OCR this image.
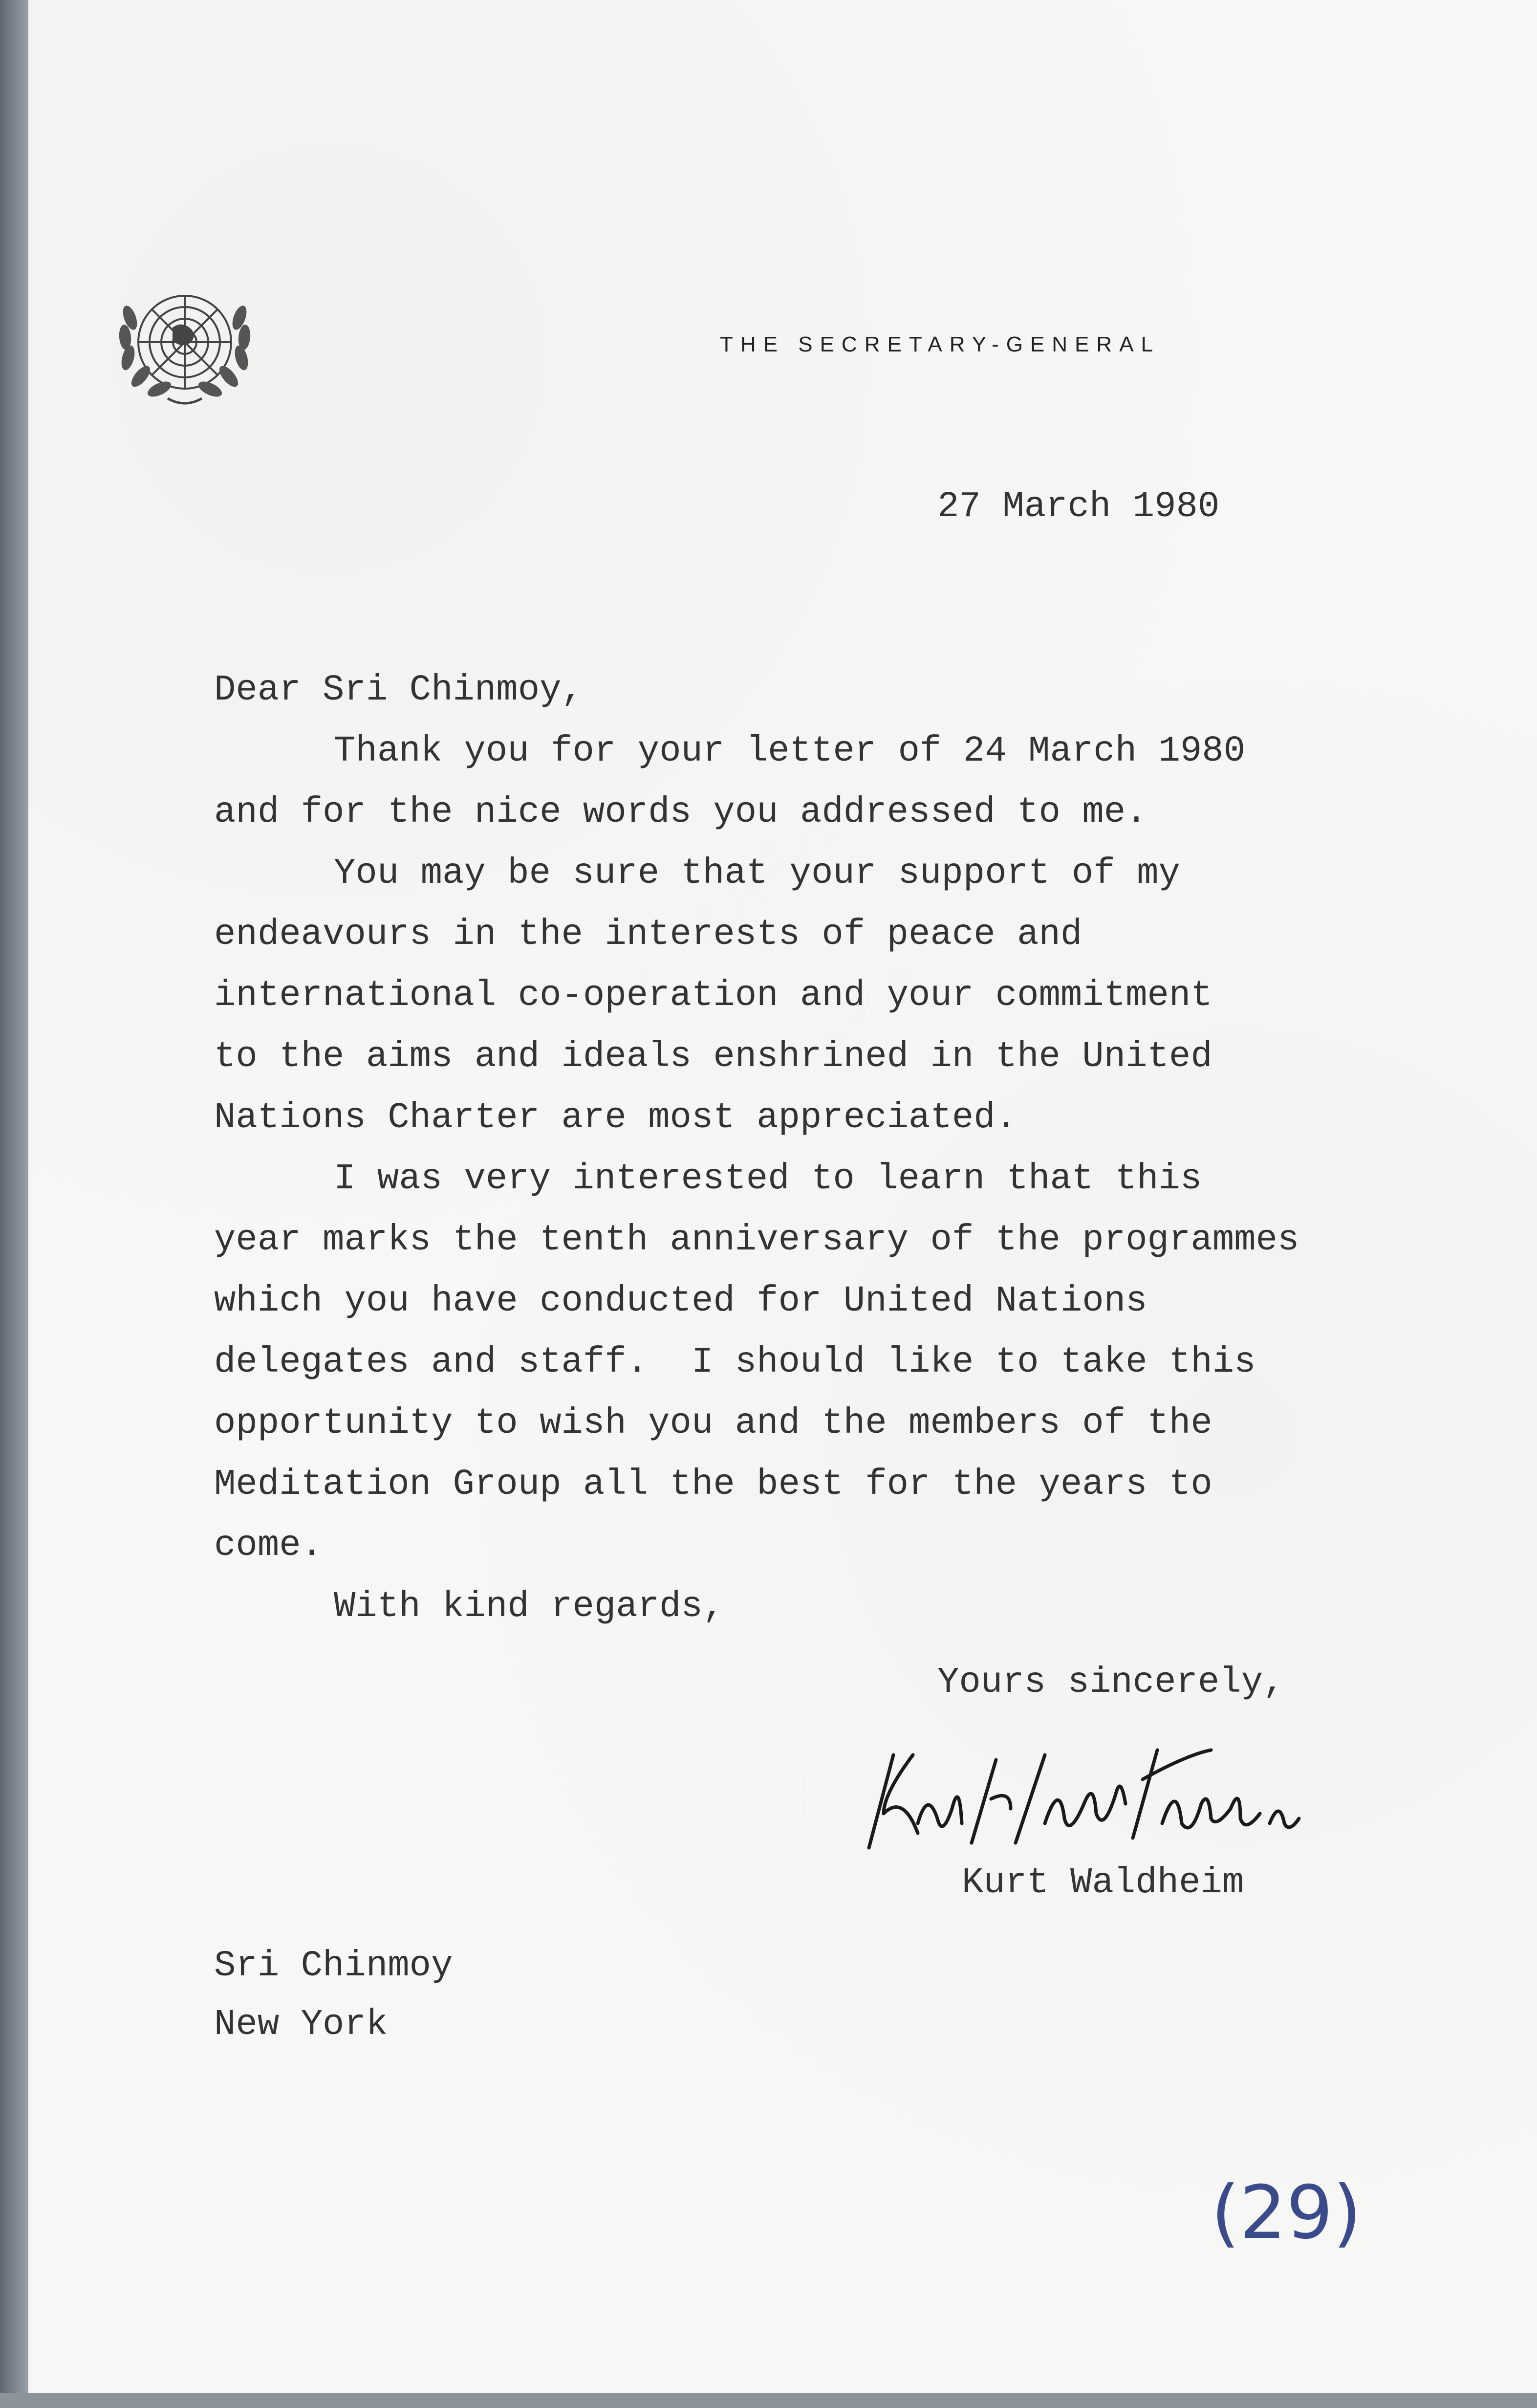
THE SECRETARY-GENERAL
27 March 1980
Dear Sri Chinmoy,
Thank you for your letter of 24 March 1980
and for the nice words you addressed to me.
You may be sure that your support of my
endeavours in the interests of peace and
international co-operation and your commitment
to the aims and ideals enshrined in the United
Nations Charter are most appreciated.
I was very interested to learn that this
year marks the tenth anniversary of the programmes
which you have conducted for United Nations
delegates and staff.  I should like to take this
opportunity to wish you and the members of the
Meditation Group all the best for the years to
come.
With kind regards,
Yours sincerely,
Kurt Waldheim
Sri Chinmoy
New York
(29)
